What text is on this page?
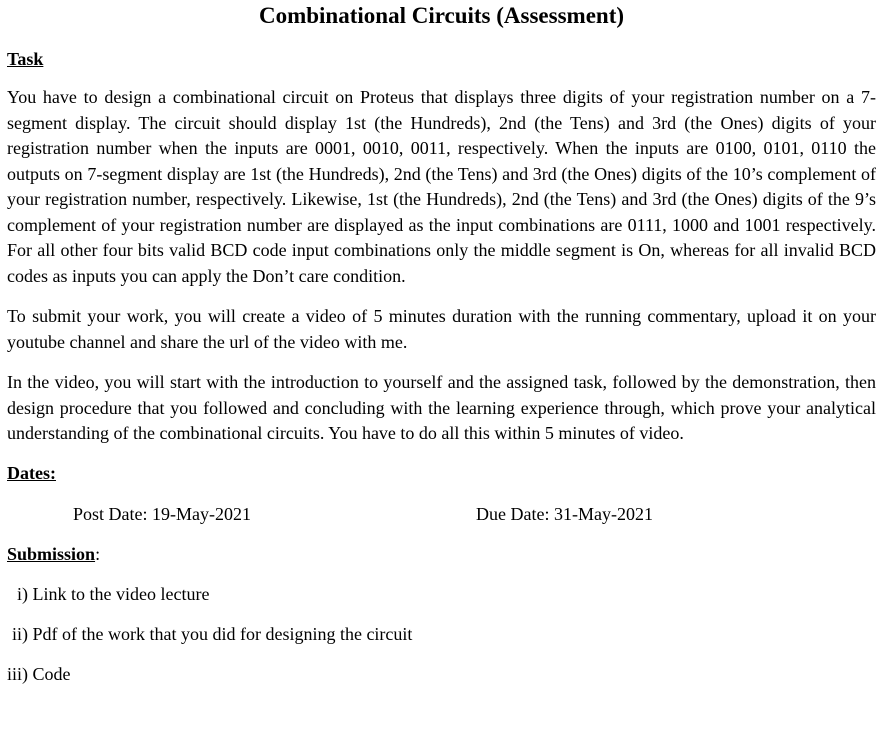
Combinational Circuits (Assessment)
Task

You have to design a combinational circuit on Proteus that displays three digits of your registration number on a 7-segment display. The circuit should display 1st (the Hundreds), 2nd (the Tens) and 3rd (the Ones) digits of your registration number when the inputs are 0001, 0010, 0011, respectively. When the inputs are 0100, 0101, 0110 the outputs on 7-segment display are 1st (the Hundreds), 2nd (the Tens) and 3rd (the Ones) digits of the 10’s complement of your registration number, respectively. Likewise, 1st (the Hundreds), 2nd (the Tens) and 3rd (the Ones) digits of the 9’s complement of your registration number are displayed as the input combinations are 0111, 1000 and 1001 respectively. For all other four bits valid BCD code input combinations only the middle segment is On, whereas for all invalid BCD codes as inputs you can apply the Don’t care condition.

To submit your work, you will create a video of 5 minutes duration with the running commentary, upload it on your youtube channel and share the url of the video with me.

In the video, you will start with the introduction to yourself and the assigned task, followed by the demonstration, then design procedure that you followed and concluding with the learning experience through, which prove your analytical understanding of the combinational circuits. You have to do all this within 5 minutes of video.

Dates:
Post Date: 19-May-2021	Due Date: 31-May-2021
Submission:
i) Link to the video lecture
ii) Pdf of the work that you did for designing the circuit
iii) Code
